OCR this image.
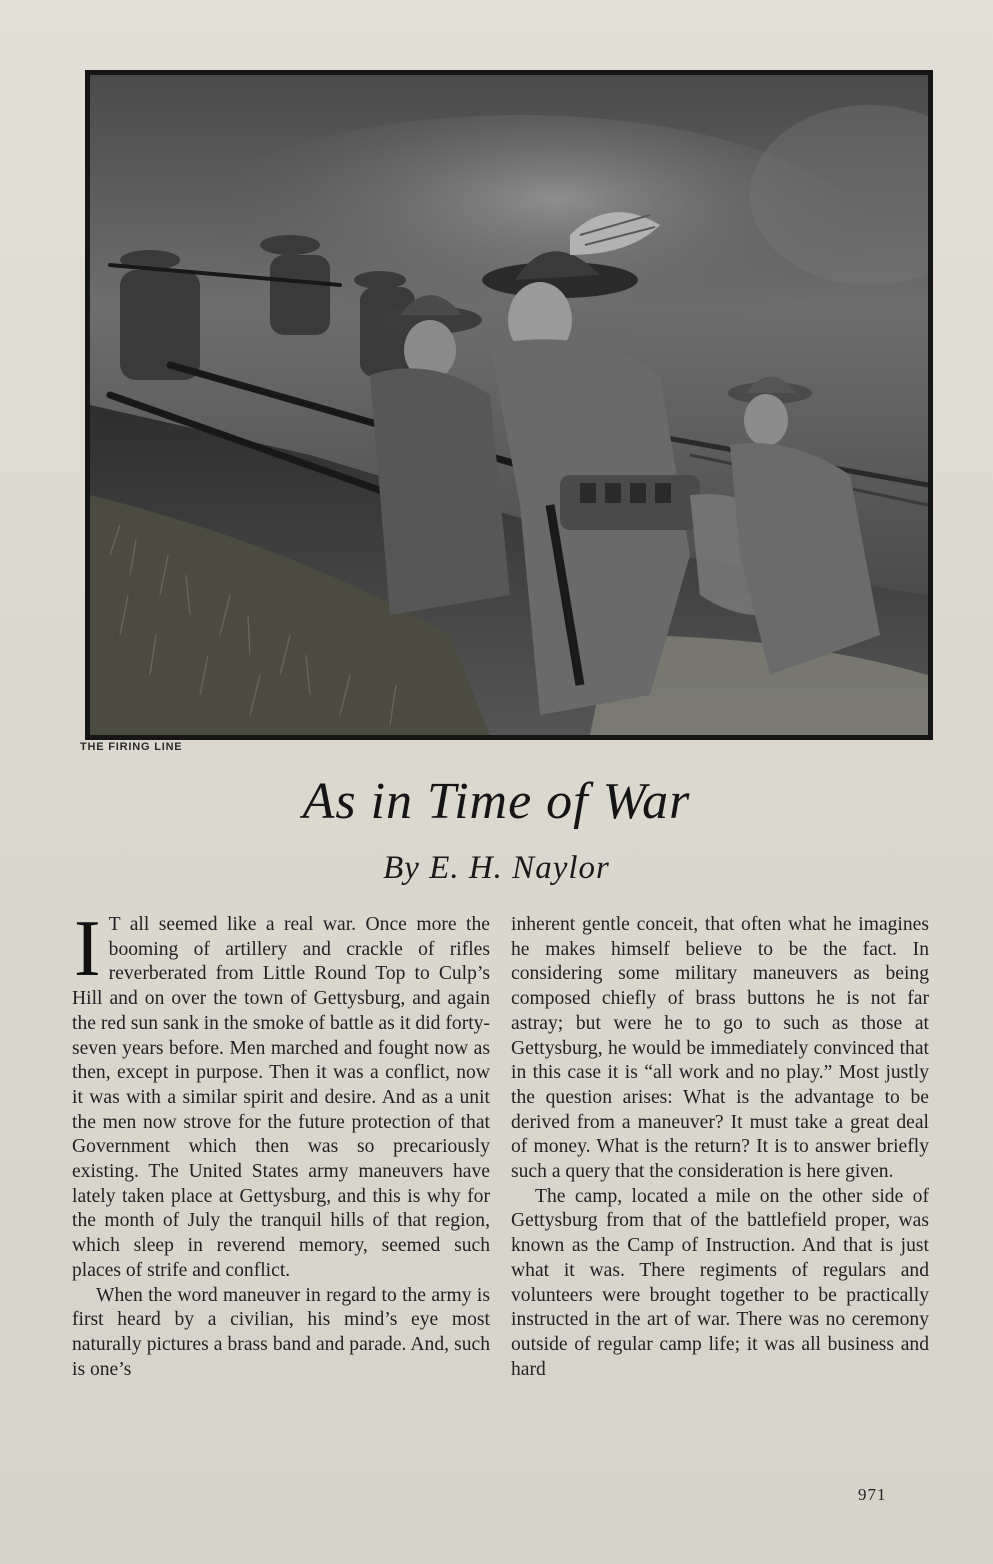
THE FIRING LINE
As in Time of War
By E. H. Naylor

I T all seemed like a real war. Once more the booming of artillery and crackle of rifles reverberated from Little Round Top to Culp’s Hill and on over the town of Gettysburg, and again the red sun sank in the smoke of battle as it did forty-seven years before. Men marched and fought now as then, except in purpose. Then it was a conflict, now it was with a similar spirit and desire. And as a unit the men now strove for the future protection of that Government which then was so precariously existing. The United States army maneuvers have lately taken place at Gettysburg, and this is why for the month of July the tranquil hills of that region, which sleep in reverend memory, seemed such places of strife and conflict.

When the word maneuver in regard to the army is first heard by a civilian, his mind’s eye most naturally pictures a brass band and parade. And, such is one’s

inherent gentle conceit, that often what he imagines he makes himself believe to be the fact. In considering some military maneuvers as being composed chiefly of brass buttons he is not far astray; but were he to go to such as those at Gettysburg, he would be immediately convinced that in this case it is “all work and no play.” Most justly the question arises: What is the advantage to be derived from a maneuver? It must take a great deal of money. What is the return? It is to answer briefly such a query that the consideration is here given.

The camp, located a mile on the other side of Gettysburg from that of the battlefield proper, was known as the Camp of Instruction. And that is just what it was. There regiments of regulars and volunteers were brought together to be practically instructed in the art of war. There was no ceremony outside of regular camp life; it was all business and hard

971
